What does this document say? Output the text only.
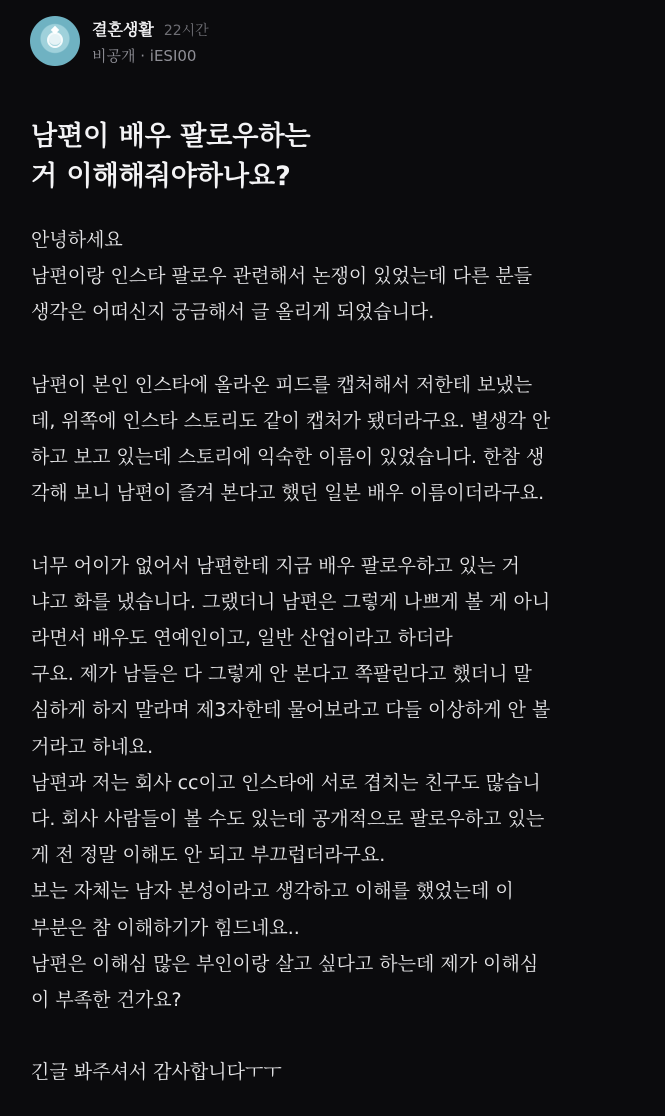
결혼생활 22시간
비공개 · iESI00
남편이 배우 팔로우하는
거 이해해줘야하나요?
안녕하세요
남편이랑 인스타 팔로우 관련해서 논쟁이 있었는데 다른 분들
생각은 어떠신지 궁금해서 글 올리게 되었습니다.
남편이 본인 인스타에 올라온 피드를 캡처해서 저한테 보냈는
데, 위쪽에 인스타 스토리도 같이 캡처가 됐더라구요. 별생각 안
하고 보고 있는데 스토리에 익숙한 이름이 있었습니다. 한참 생
각해 보니 남편이 즐겨 본다고 했던 일본 배우 이름이더라구요.
너무 어이가 없어서 남편한테 지금 배우 팔로우하고 있는 거
냐고 화를 냈습니다. 그랬더니 남편은 그렇게 나쁘게 볼 게 아니
라면서 배우도 연예인이고, 일반 산업이라고 하더라
구요. 제가 남들은 다 그렇게 안 본다고 쪽팔린다고 했더니 말
심하게 하지 말라며 제3자한테 물어보라고 다들 이상하게 안 볼
거라고 하네요.
남편과 저는 회사 cc이고 인스타에 서로 겹치는 친구도 많습니
다. 회사 사람들이 볼 수도 있는데 공개적으로 팔로우하고 있는
게 전 정말 이해도 안 되고 부끄럽더라구요.
보는 자체는 남자 본성이라고 생각하고 이해를 했었는데 이
부분은 참 이해하기가 힘드네요..
남편은 이해심 많은 부인이랑 살고 싶다고 하는데 제가 이해심
이 부족한 건가요?
긴글 봐주셔서 감사합니다ㅜㅜ
